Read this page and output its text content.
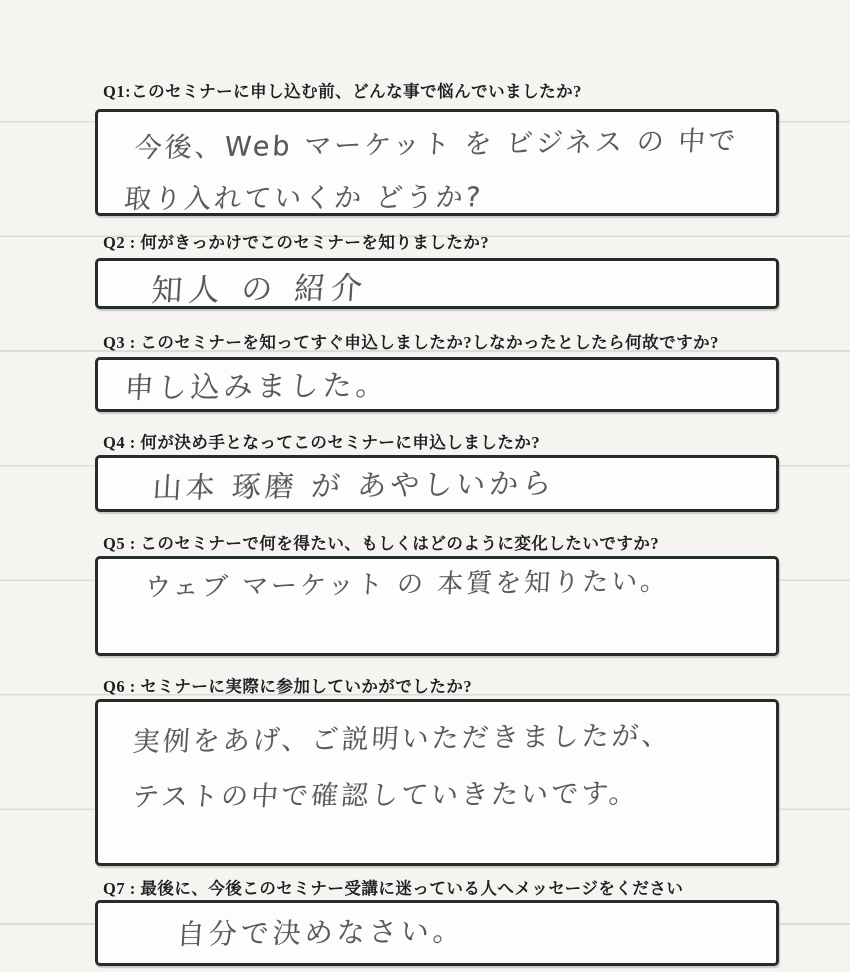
Q1:このセミナーに申し込む前、どんな事で悩んでいましたか?
今後、Web マーケット を ビジネス の 中で
取り入れていくか どうか?
Q2 : 何がきっかけでこのセミナーを知りましたか?
知人 の 紹介
Q3 : このセミナーを知ってすぐ申込しましたか?しなかったとしたら何故ですか?
申し込みました。
Q4 : 何が決め手となってこのセミナーに申込しましたか?
山本 琢磨 が あやしいから
Q5 : このセミナーで何を得たい、もしくはどのように変化したいですか?
ウェブ マーケット の 本質を知りたい。
Q6 : セミナーに実際に参加していかがでしたか?
実例をあげ、ご説明いただきましたが、
テストの中で確認していきたいです。
Q7 : 最後に、今後このセミナー受講に迷っている人へメッセージをください
自分で決めなさい。
